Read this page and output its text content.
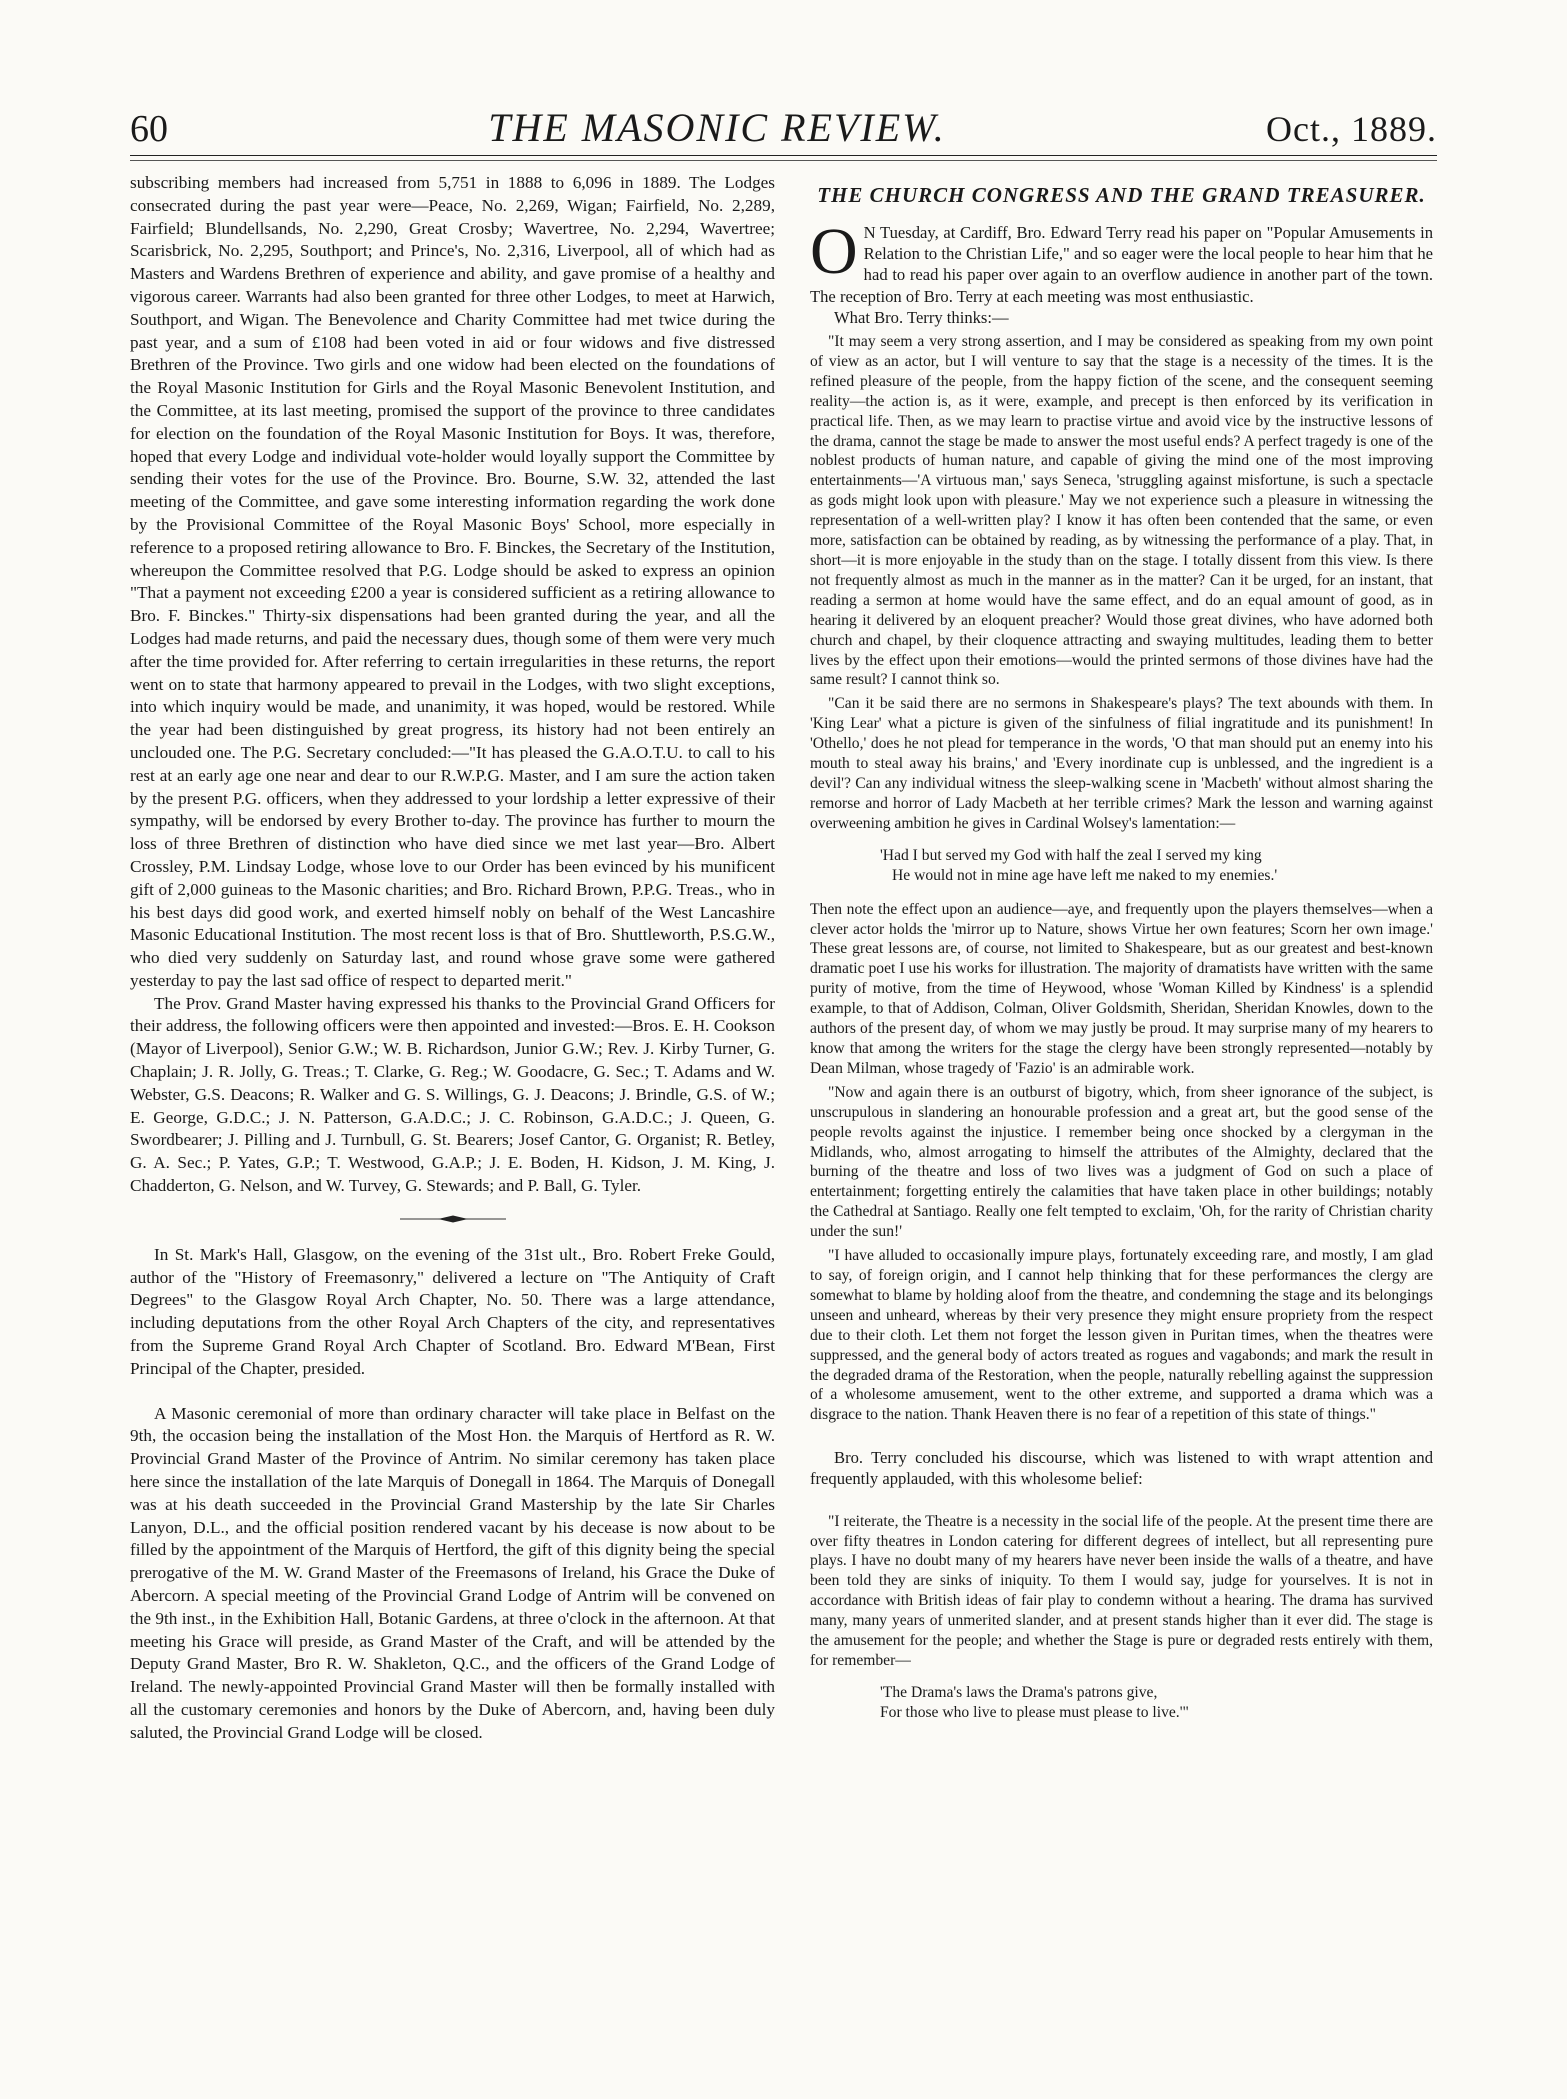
60	THE MASONIC REVIEW.	Oct., 1889.

subscribing members had increased from 5,751 in 1888 to 6,096 in 1889. The Lodges consecrated during the past year were—Peace, No. 2,269, Wigan; Fairfield, No. 2,289, Fairfield; Blundellsands, No. 2,290, Great Crosby; Wavertree, No. 2,294, Wavertree; Scarisbrick, No. 2,295, Southport; and Prince's, No. 2,316, Liverpool, all of which had as Masters and Wardens Brethren of experience and ability, and gave promise of a healthy and vigorous career. Warrants had also been granted for three other Lodges, to meet at Harwich, Southport, and Wigan. The Benevolence and Charity Committee had met twice during the past year, and a sum of £108 had been voted in aid or four widows and five distressed Brethren of the Province. Two girls and one widow had been elected on the foundations of the Royal Masonic Institution for Girls and the Royal Masonic Benevolent Institution, and the Committee, at its last meeting, promised the support of the province to three candidates for election on the foundation of the Royal Masonic Institution for Boys. It was, therefore, hoped that every Lodge and individual vote-holder would loyally support the Committee by sending their votes for the use of the Province. Bro. Bourne, S.W. 32, attended the last meeting of the Committee, and gave some interesting information regarding the work done by the Provisional Committee of the Royal Masonic Boys' School, more especially in reference to a proposed retiring allowance to Bro. F. Binckes, the Secretary of the Institution, whereupon the Committee resolved that P.G. Lodge should be asked to express an opinion "That a payment not exceeding £200 a year is considered sufficient as a retiring allowance to Bro. F. Binckes." Thirty-six dispensations had been granted during the year, and all the Lodges had made returns, and paid the necessary dues, though some of them were very much after the time provided for. After referring to certain irregularities in these returns, the report went on to state that harmony appeared to prevail in the Lodges, with two slight exceptions, into which inquiry would be made, and unanimity, it was hoped, would be restored. While the year had been distinguished by great progress, its history had not been entirely an unclouded one. The P.G. Secretary concluded:—"It has pleased the G.A.O.T.U. to call to his rest at an early age one near and dear to our R.W.P.G. Master, and I am sure the action taken by the present P.G. officers, when they addressed to your lordship a letter expressive of their sympathy, will be endorsed by every Brother to-day. The province has further to mourn the loss of three Brethren of distinction who have died since we met last year—Bro. Albert Crossley, P.M. Lindsay Lodge, whose love to our Order has been evinced by his munificent gift of 2,000 guineas to the Masonic charities; and Bro. Richard Brown, P.P.G. Treas., who in his best days did good work, and exerted himself nobly on behalf of the West Lancashire Masonic Educational Institution. The most recent loss is that of Bro. Shuttleworth, P.S.G.W., who died very suddenly on Saturday last, and round whose grave some were gathered yesterday to pay the last sad office of respect to departed merit."

The Prov. Grand Master having expressed his thanks to the Provincial Grand Officers for their address, the following officers were then appointed and invested:—Bros. E. H. Cookson (Mayor of Liverpool), Senior G.W.; W. B. Richardson, Junior G.W.; Rev. J. Kirby Turner, G. Chaplain; J. R. Jolly, G. Treas.; T. Clarke, G. Reg.; W. Goodacre, G. Sec.; T. Adams and W. Webster, G.S. Deacons; R. Walker and G. S. Willings, G. J. Deacons; J. Brindle, G.S. of W.; E. George, G.D.C.; J. N. Patterson, G.A.D.C.; J. C. Robinson, G.A.D.C.; J. Queen, G. Swordbearer; J. Pilling and J. Turnbull, G. St. Bearers; Josef Cantor, G. Organist; R. Betley, G. A. Sec.; P. Yates, G.P.; T. Westwood, G.A.P.; J. E. Boden, H. Kidson, J. M. King, J. Chadderton, G. Nelson, and W. Turvey, G. Stewards; and P. Ball, G. Tyler.

In St. Mark's Hall, Glasgow, on the evening of the 31st ult., Bro. Robert Freke Gould, author of the "History of Freemasonry," delivered a lecture on "The Antiquity of Craft Degrees" to the Glasgow Royal Arch Chapter, No. 50. There was a large attendance, including deputations from the other Royal Arch Chapters of the city, and representatives from the Supreme Grand Royal Arch Chapter of Scotland. Bro. Edward M'Bean, First Principal of the Chapter, presided.

A Masonic ceremonial of more than ordinary character will take place in Belfast on the 9th, the occasion being the installation of the Most Hon. the Marquis of Hertford as R. W. Provincial Grand Master of the Province of Antrim. No similar ceremony has taken place here since the installation of the late Marquis of Donegall in 1864. The Marquis of Donegall was at his death succeeded in the Provincial Grand Mastership by the late Sir Charles Lanyon, D.L., and the official position rendered vacant by his decease is now about to be filled by the appointment of the Marquis of Hertford, the gift of this dignity being the special prerogative of the M. W. Grand Master of the Freemasons of Ireland, his Grace the Duke of Abercorn. A special meeting of the Provincial Grand Lodge of Antrim will be convened on the 9th inst., in the Exhibition Hall, Botanic Gardens, at three o'clock in the afternoon. At that meeting his Grace will preside, as Grand Master of the Craft, and will be attended by the Deputy Grand Master, Bro R. W. Shakleton, Q.C., and the officers of the Grand Lodge of Ireland. The newly-appointed Provincial Grand Master will then be formally installed with all the customary ceremonies and honors by the Duke of Abercorn, and, having been duly saluted, the Provincial Grand Lodge will be closed.

THE CHURCH CONGRESS AND THE GRAND TREASURER.

O N Tuesday, at Cardiff, Bro. Edward Terry read his paper on "Popular Amusements in Relation to the Christian Life," and so eager were the local people to hear him that he had to read his paper over again to an overflow audience in another part of the town. The reception of Bro. Terry at each meeting was most enthusiastic.

What Bro. Terry thinks:—

"It may seem a very strong assertion, and I may be considered as speaking from my own point of view as an actor, but I will venture to say that the stage is a necessity of the times. It is the refined pleasure of the people, from the happy fiction of the scene, and the consequent seeming reality—the action is, as it were, example, and precept is then enforced by its verification in practical life. Then, as we may learn to practise virtue and avoid vice by the instructive lessons of the drama, cannot the stage be made to answer the most useful ends? A perfect tragedy is one of the noblest products of human nature, and capable of giving the mind one of the most improving entertainments—'A virtuous man,' says Seneca, 'struggling against misfortune, is such a spectacle as gods might look upon with pleasure.' May we not experience such a pleasure in witnessing the representation of a well-written play? I know it has often been contended that the same, or even more, satisfaction can be obtained by reading, as by witnessing the performance of a play. That, in short—it is more enjoyable in the study than on the stage. I totally dissent from this view. Is there not frequently almost as much in the manner as in the matter? Can it be urged, for an instant, that reading a sermon at home would have the same effect, and do an equal amount of good, as in hearing it delivered by an eloquent preacher? Would those great divines, who have adorned both church and chapel, by their cloquence attracting and swaying multitudes, leading them to better lives by the effect upon their emotions—would the printed sermons of those divines have had the same result? I cannot think so.

"Can it be said there are no sermons in Shakespeare's plays? The text abounds with them. In 'King Lear' what a picture is given of the sinfulness of filial ingratitude and its punishment! In 'Othello,' does he not plead for temperance in the words, 'O that man should put an enemy into his mouth to steal away his brains,' and 'Every inordinate cup is unblessed, and the ingredient is a devil'? Can any individual witness the sleep-walking scene in 'Macbeth' without almost sharing the remorse and horror of Lady Macbeth at her terrible crimes? Mark the lesson and warning against overweening ambition he gives in Cardinal Wolsey's lamentation:—

'Had I but served my God with half the zeal I served my king
He would not in mine age have left me naked to my enemies.'

Then note the effect upon an audience—aye, and frequently upon the players themselves—when a clever actor holds the 'mirror up to Nature, shows Virtue her own features; Scorn her own image.' These great lessons are, of course, not limited to Shakespeare, but as our greatest and best-known dramatic poet I use his works for illustration. The majority of dramatists have written with the same purity of motive, from the time of Heywood, whose 'Woman Killed by Kindness' is a splendid example, to that of Addison, Colman, Oliver Goldsmith, Sheridan, Sheridan Knowles, down to the authors of the present day, of whom we may justly be proud. It may surprise many of my hearers to know that among the writers for the stage the clergy have been strongly represented—notably by Dean Milman, whose tragedy of 'Fazio' is an admirable work.

"Now and again there is an outburst of bigotry, which, from sheer ignorance of the subject, is unscrupulous in slandering an honourable profession and a great art, but the good sense of the people revolts against the injustice. I remember being once shocked by a clergyman in the Midlands, who, almost arrogating to himself the attributes of the Almighty, declared that the burning of the theatre and loss of two lives was a judgment of God on such a place of entertainment; forgetting entirely the calamities that have taken place in other buildings; notably the Cathedral at Santiago. Really one felt tempted to exclaim, 'Oh, for the rarity of Christian charity under the sun!'

"I have alluded to occasionally impure plays, fortunately exceeding rare, and mostly, I am glad to say, of foreign origin, and I cannot help thinking that for these performances the clergy are somewhat to blame by holding aloof from the theatre, and condemning the stage and its belongings unseen and unheard, whereas by their very presence they might ensure propriety from the respect due to their cloth. Let them not forget the lesson given in Puritan times, when the theatres were suppressed, and the general body of actors treated as rogues and vagabonds; and mark the result in the degraded drama of the Restoration, when the people, naturally rebelling against the suppression of a wholesome amusement, went to the other extreme, and supported a drama which was a disgrace to the nation. Thank Heaven there is no fear of a repetition of this state of things."

Bro. Terry concluded his discourse, which was listened to with wrapt attention and frequently applauded, with this wholesome belief:

"I reiterate, the Theatre is a necessity in the social life of the people. At the present time there are over fifty theatres in London catering for different degrees of intellect, but all representing pure plays. I have no doubt many of my hearers have never been inside the walls of a theatre, and have been told they are sinks of iniquity. To them I would say, judge for yourselves. It is not in accordance with British ideas of fair play to condemn without a hearing. The drama has survived many, many years of unmerited slander, and at present stands higher than it ever did. The stage is the amusement for the people; and whether the Stage is pure or degraded rests entirely with them, for remember—

'The Drama's laws the Drama's patrons give,
For those who live to please must please to live.'"
